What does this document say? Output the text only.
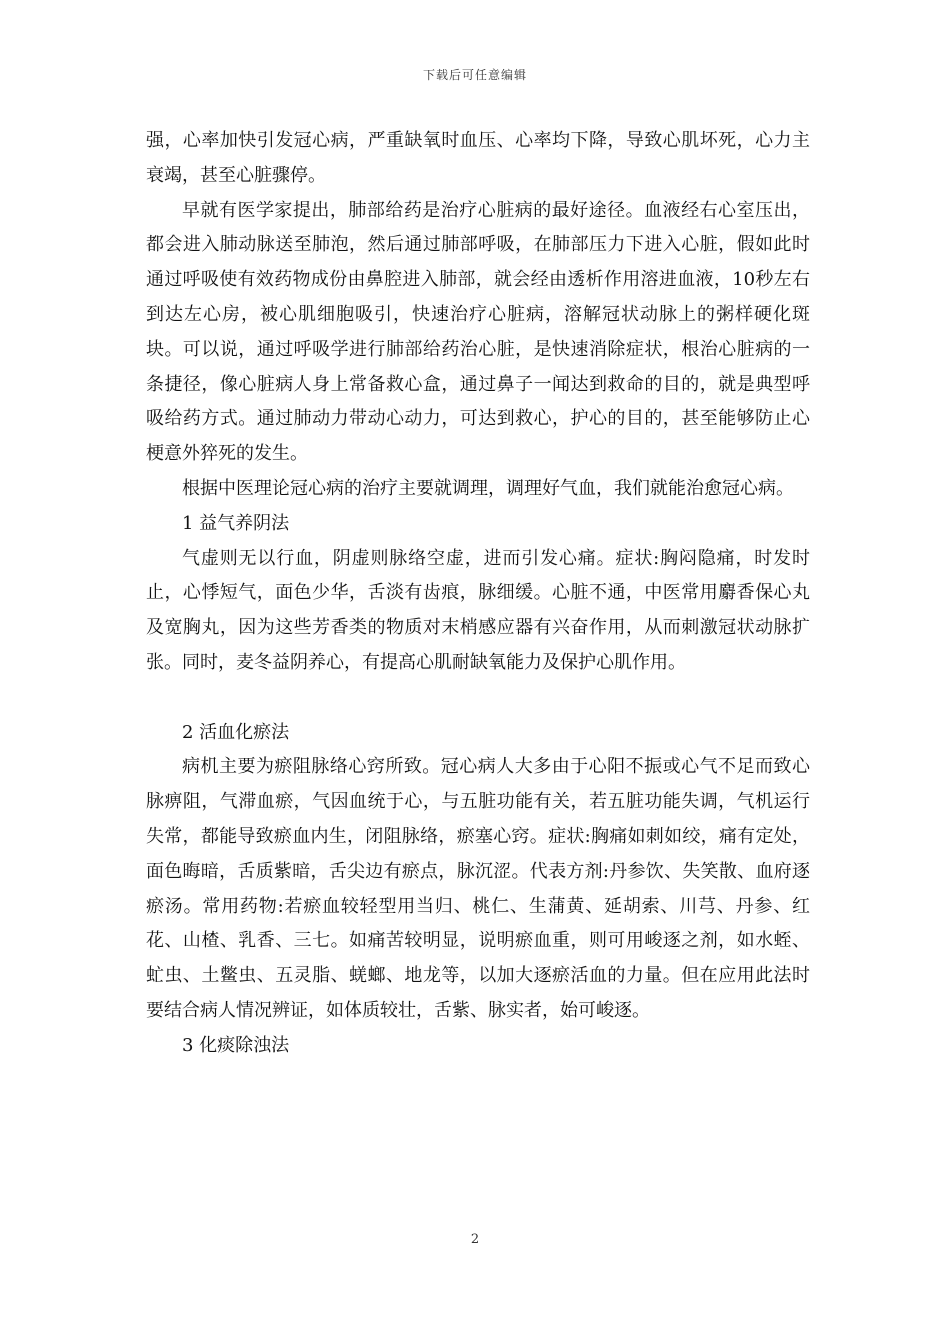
下载后可任意编辑

强，心率加快引发冠心病，严重缺氧时血压、心率均下降，导致心肌坏死，心力主衰竭，甚至心脏骤停。

早就有医学家提出，肺部给药是治疗心脏病的最好途径。血液经右心室压出，都会进入肺动脉送至肺泡，然后通过肺部呼吸，在肺部压力下进入心脏，假如此时通过呼吸使有效药物成份由鼻腔进入肺部，就会经由透析作用溶进血液，10秒左右到达左心房，被心肌细胞吸引，快速治疗心脏病，溶解冠状动脉上的粥样硬化斑块。可以说，通过呼吸学进行肺部给药治心脏，是快速消除症状，根治心脏病的一条捷径，像心脏病人身上常备救心盒，通过鼻子一闻达到救命的目的，就是典型呼吸给药方式。通过肺动力带动心动力，可达到救心，护心的目的，甚至能够防止心梗意外猝死的发生。

根据中医理论冠心病的治疗主要就调理，调理好气血，我们就能治愈冠心病。

1 益气养阴法

气虚则无以行血，阴虚则脉络空虚，进而引发心痛。症状:胸闷隐痛，时发时止，心悸短气，面色少华，舌淡有齿痕，脉细缓。心脏不通，中医常用麝香保心丸及宽胸丸，因为这些芳香类的物质对末梢感应器有兴奋作用，从而刺激冠状动脉扩张。同时，麦冬益阴养心，有提高心肌耐缺氧能力及保护心肌作用。

2 活血化瘀法

病机主要为瘀阻脉络心窍所致。冠心病人大多由于心阳不振或心气不足而致心脉痹阻，气滞血瘀，气因血统于心，与五脏功能有关，若五脏功能失调，气机运行失常，都能导致瘀血内生，闭阻脉络，瘀塞心窍。症状:胸痛如刺如绞，痛有定处，面色晦暗，舌质紫暗，舌尖边有瘀点，脉沉涩。代表方剂:丹参饮、失笑散、血府逐瘀汤。常用药物:若瘀血较轻型用当归、桃仁、生蒲黄、延胡索、川芎、丹参、红花、山楂、乳香、三七。如痛苦较明显，说明瘀血重，则可用峻逐之剂，如水蛭、虻虫、土鳖虫、五灵脂、蜣螂、地龙等，以加大逐瘀活血的力量。但在应用此法时要结合病人情况辨证，如体质较壮，舌紫、脉实者，始可峻逐。

3 化痰除浊法

2
